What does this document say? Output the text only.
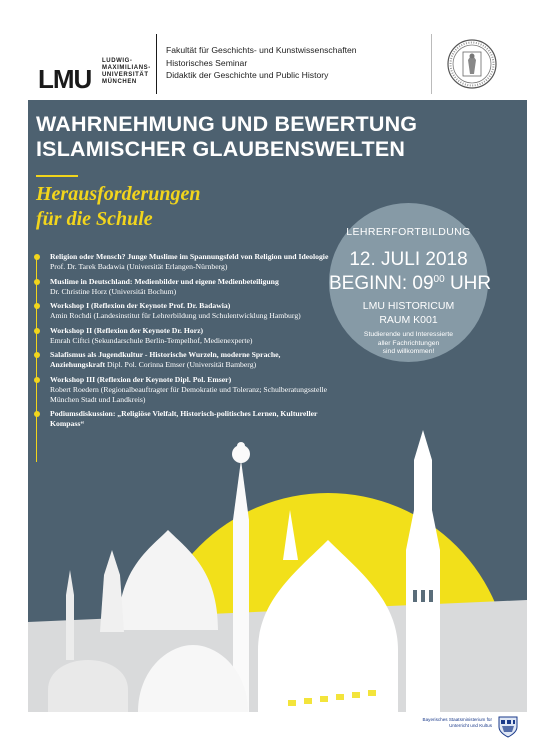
LMU
LUDWIG-
MAXIMILIANS-
UNIVERSITÄT
MÜNCHEN
Fakultät für Geschichts- und Kunstwissenschaften
Historisches Seminar
Didaktik der Geschichte und Public History
WAHRNEHMUNG UND BEWERTUNG
ISLAMISCHER GLAUBENSWELTEN
Herausforderungen
für die Schule
Religion oder Mensch? Junge Muslime im Spannungsfeld von Religion und Ideologie Prof. Dr. Tarek Badawia (Universität Erlangen-Nürnberg)
Muslime in Deutschland: Medienbilder und eigene Medienbeteiligung
Dr. Christine Horz (Universität Bochum)
Workshop I (Reflexion der Keynote Prof. Dr. Badawia)
Amin Rochdi (Landesinstitut für Lehrerbildung und Schulentwicklung Hamburg)
Workshop II (Reflexion der Keynote Dr. Horz)
Emrah Ciftci (Sekundarschule Berlin-Tempelhof, Medienexperte)
Salafismus als Jugendkultur - Historische Wurzeln, moderne Sprache, Anziehungskraft Dipl. Pol. Corinna Emser (Universität Bamberg)
Workshop III (Reflexion der Keynote Dipl. Pol. Emser)
Robert Roedern (Regionalbeauftragter für Demokratie und Toleranz; Schulberatungsstelle München Stadt und Landkreis)
Podiumsdiskussion: „Religiöse Vielfalt, Historisch-politisches Lernen, Kultureller Kompass“
LEHRERFORTBILDUNG
12. JULI 2018
BEGINN: $09^{00}$ UHR
LMU HISTORICUM
RAUM K001
Studierende und Interessierte
aller Fachrichtungen
sind willkommen!
Bayerisches Staatsministerium für
Unterricht und Kultus
